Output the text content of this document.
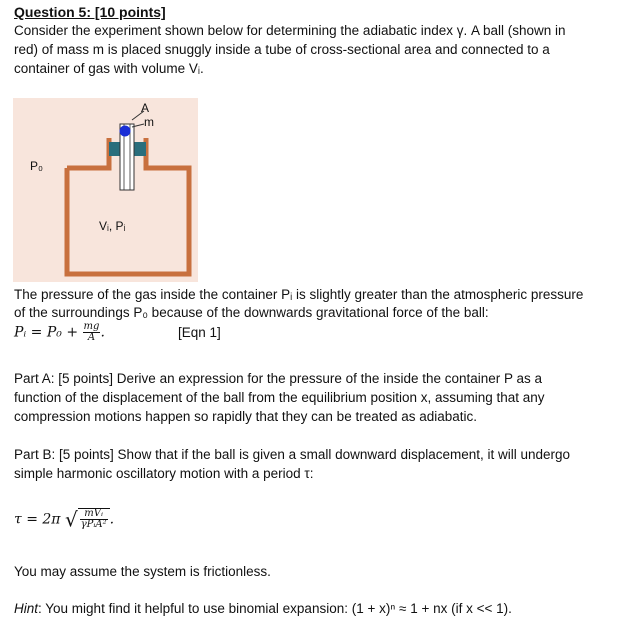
Question 5: [10 points]
Consider the experiment shown below for determining the adiabatic index γ. A ball (shown in
red) of mass m is placed snuggly inside a tube of cross-sectional area and connected to a
container of gas with volume Vᵢ.
A
m
P₀
Vᵢ, Pᵢ
The pressure of the gas inside the container Pᵢ is slightly greater than the atmospheric pressure
of the surroundings P₀ because of the downwards gravitational force of the ball:
Pᵢ = $P_0 + \frac{mg}{A}$ .	[Eqn 1]
Part A: [5 points] Derive an expression for the pressure of the inside the container P as a
function of the displacement of the ball from the equilibrium position x, assuming that any
compression motions happen so rapidly that they can be treated as adiabatic.
Part B: [5 points] Show that if the ball is given a small downward displacement, it will undergo
simple harmonic oscillatory motion with a period τ:
τ = 2π √ $\frac{\text{mVᵢ}}{\text{γPᵢA²}}$ .
You may assume the system is frictionless.
Hint: You might find it helpful to use binomial expansion: (1 + x)ⁿ ≈ 1 + nx (if x << 1).
